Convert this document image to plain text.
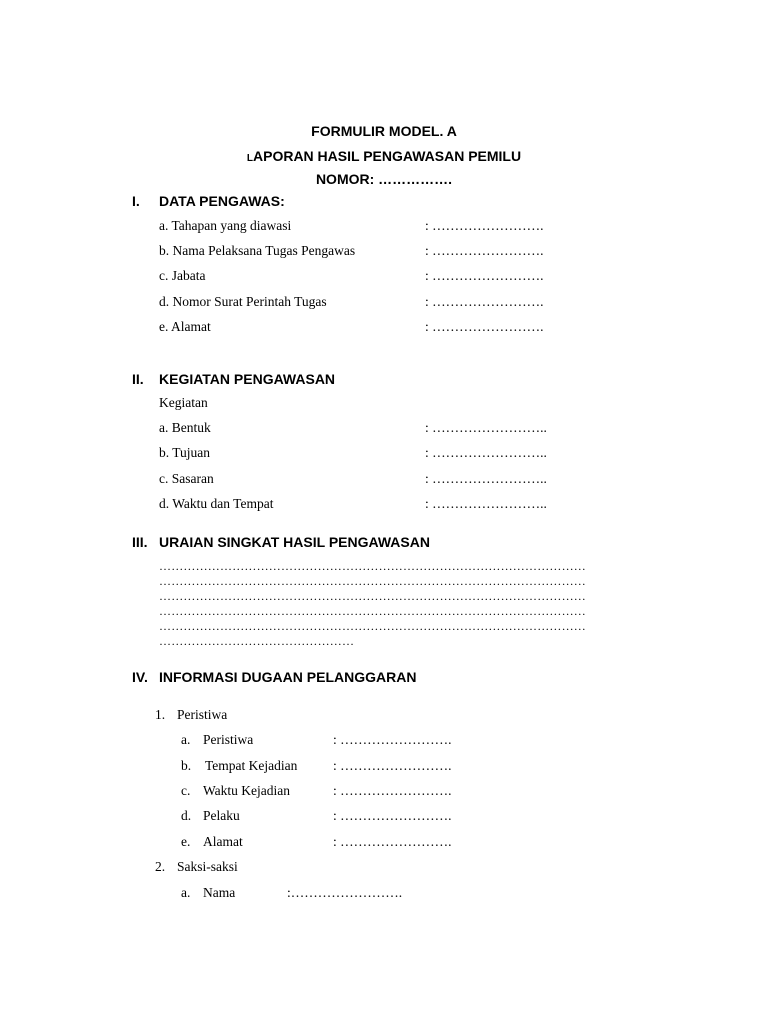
FORMULIR MODEL. A
LAPORAN HASIL PENGAWASAN PEMILU
NOMOR: …………….
I. DATA PENGAWAS:
a. Tahapan yang diawasi	: …………………….
b. Nama Pelaksana Tugas Pengawas	: …………………….
c. Jabata	: …………………….
d. Nomor Surat Perintah Tugas	: …………………….
e. Alamat	: …………………….
II. KEGIATAN PENGAWASAN
Kegiatan
a. Bentuk	: ……………………..
b. Tujuan	: ……………………..
c. Sasaran	: ……………………..
d. Waktu dan Tempat	: ……………………..
III. URAIAN SINGKAT HASIL PENGAWASAN
……………………………………………………………………………………………
……………………………………………………………………………………………
……………………………………………………………………………………………
……………………………………………………………………………………………
……………………………………………………………………………………………
…………………………………………
IV. INFORMASI DUGAAN PELANGGARAN
1. Peristiwa
a. Peristiwa	: …………………….
b. Tempat Kejadian	: …………………….
c. Waktu Kejadian	: …………………….
d. Pelaku	: …………………….
e. Alamat	: …………………….
2. Saksi-saksi
a. Nama	:…………………….
